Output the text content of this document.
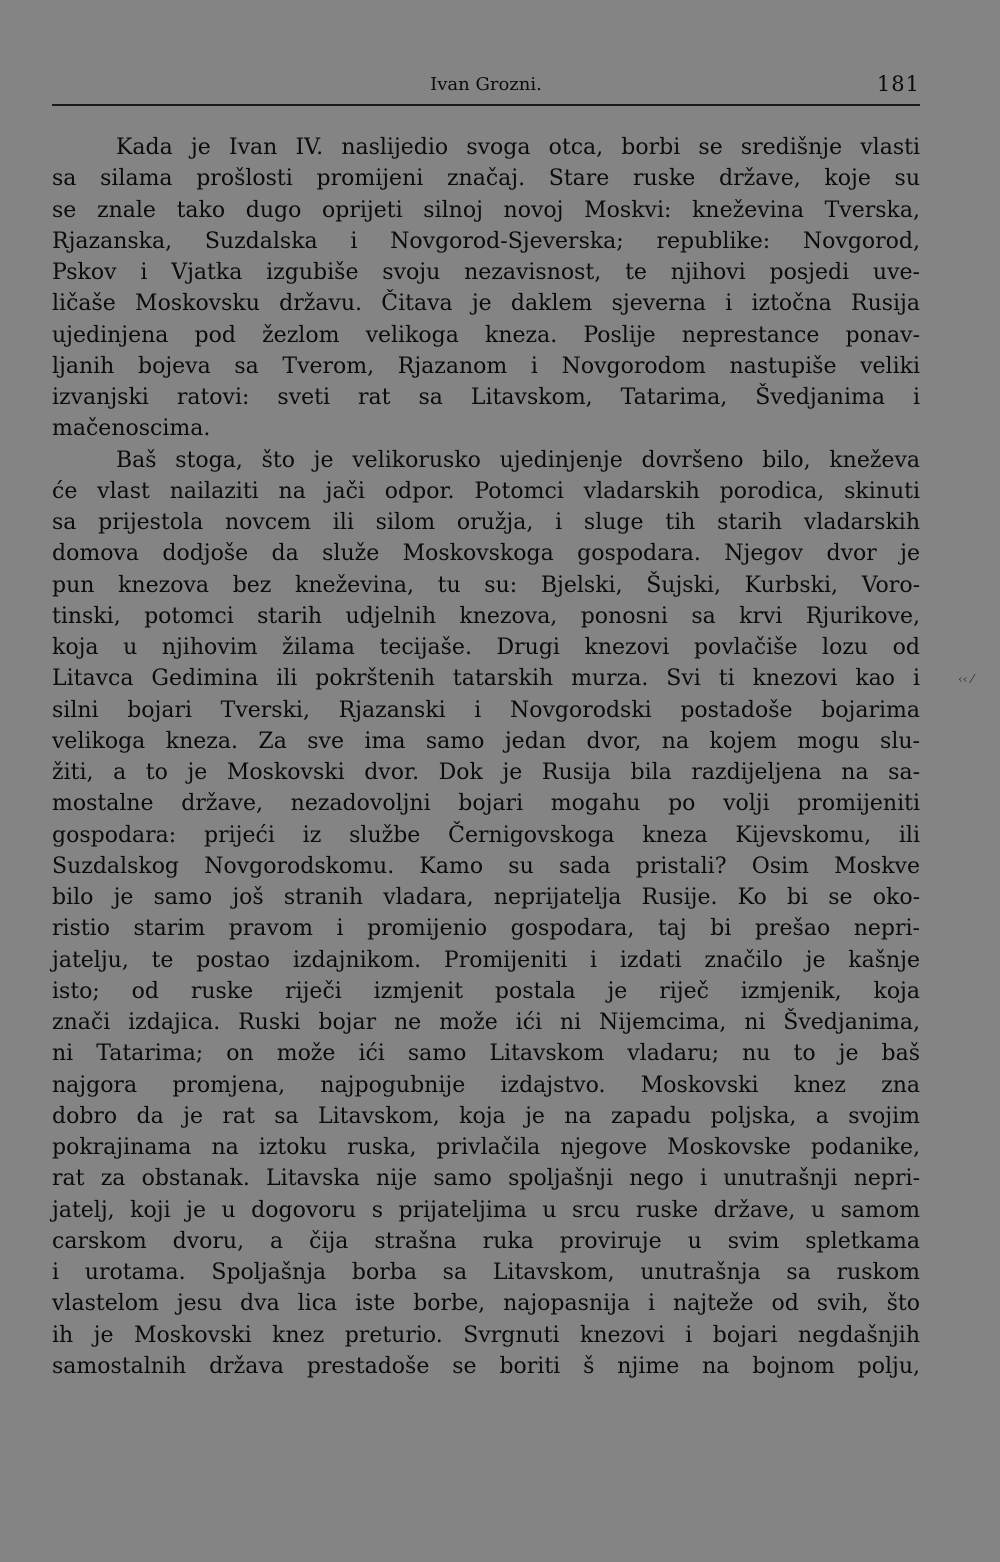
Ivan Grozni.	181
Kada je Ivan IV. naslijedio svoga otca, borbi se središnje vlasti
sa silama prošlosti promijeni značaj. Stare ruske države, koje su
se znale tako dugo oprijeti silnoj novoj Moskvi: kneževina Tverska,
Rjazanska, Suzdalska i Novgorod-Sjeverska; republike: Novgorod,
Pskov i Vjatka izgubiše svoju nezavisnost, te njihovi posjedi uve-
ličaše Moskovsku državu. Čitava je daklem sjeverna i iztočna Rusija
ujedinjena pod žezlom velikoga kneza. Poslije neprestance ponav-
ljanih bojeva sa Tverom, Rjazanom i Novgorodom nastupiše veliki
izvanjski ratovi: sveti rat sa Litavskom, Tatarima, Švedjanima i
mačenoscima.
Baš stoga, što je velikorusko ujedinjenje dovršeno bilo, kneževa
će vlast nailaziti na jači odpor. Potomci vladarskih porodica, skinuti
sa prijestola novcem ili silom oružja, i sluge tih starih vladarskih
domova dodjoše da služe Moskovskoga gospodara. Njegov dvor je
pun knezova bez kneževina, tu su: Bjelski, Šujski, Kurbski, Voro-
tinski, potomci starih udjelnih knezova, ponosni sa krvi Rjurikove,
koja u njihovim žilama tecijaše. Drugi knezovi povlačiše lozu od
Litavca Gedimina ili pokrštenih tatarskih murza. Svi ti knezovi kao i
silni bojari Tverski, Rjazanski i Novgorodski postadoše bojarima
velikoga kneza. Za sve ima samo jedan dvor, na kojem mogu slu-
žiti, a to je Moskovski dvor. Dok je Rusija bila razdijeljena na sa-
mostalne države, nezadovoljni bojari mogahu po volji promijeniti
gospodara: prijeći iz službe Černigovskoga kneza Kijevskomu, ili
Suzdalskog Novgorodskomu. Kamo su sada pristali? Osim Moskve
bilo je samo još stranih vladara, neprijatelja Rusije. Ko bi se oko-
ristio starim pravom i promijenio gospodara, taj bi prešao nepri-
jatelju, te postao izdajnikom. Promijeniti i izdati značilo je kašnje
isto; od ruske riječi izmjenit postala je riječ izmjenik, koja
znači izdajica. Ruski bojar ne može ići ni Nijemcima, ni Švedjanima,
ni Tatarima; on može ići samo Litavskom vladaru; nu to je baš
najgora promjena, najpogubnije izdajstvo. Moskovski knez zna
dobro da je rat sa Litavskom, koja je na zapadu poljska, a svojim
pokrajinama na iztoku ruska, privlačila njegove Moskovske podanike,
rat za obstanak. Litavska nije samo spoljašnji nego i unutrašnji nepri-
jatelj, koji je u dogovoru s prijateljima u srcu ruske države, u samom
carskom dvoru, a čija strašna ruka proviruje u svim spletkama
i urotama. Spoljašnja borba sa Litavskom, unutrašnja sa ruskom
vlastelom jesu dva lica iste borbe, najopasnija i najteže od svih, što
ih je Moskovski knez preturio. Svrgnuti knezovi i bojari negdašnjih
samostalnih država prestadoše se boriti š njime na bojnom polju,
‹‹ ⁄
